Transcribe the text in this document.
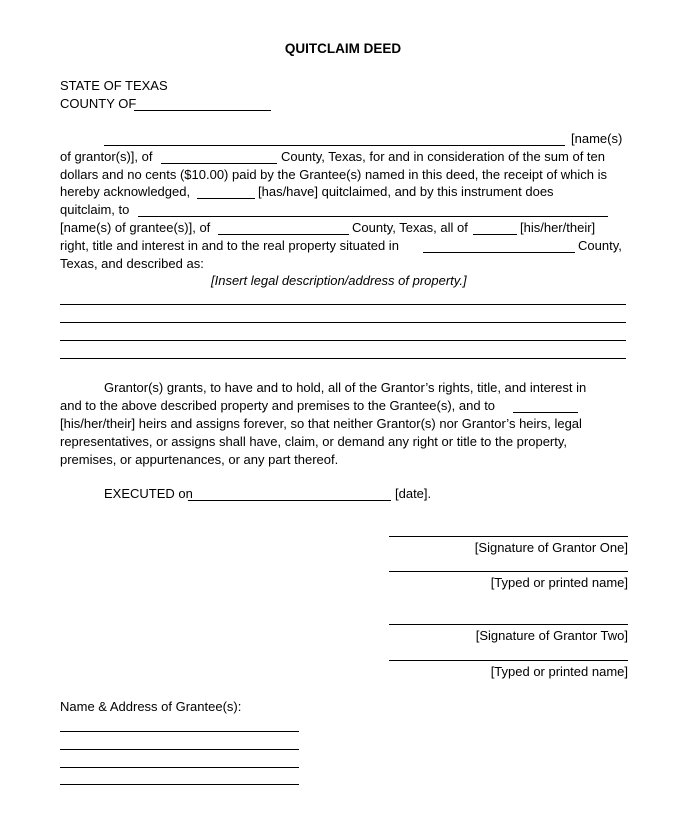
QUITCLAIM DEED
STATE OF TEXAS
COUNTY OF
[name(s)
of grantor(s)], of	County, Texas, for and in consideration of the sum of ten
dollars and no cents ($10.00) paid by the Grantee(s) named in this deed, the receipt of which is
hereby acknowledged,	[has/have] quitclaimed, and by this instrument does
quitclaim, to
[name(s) of grantee(s)], of	County, Texas, all of	[his/her/their]
right, title and interest in and to the real property situated in	County,
Texas, and described as:
[Insert legal description/address of property.]
Grantor(s) grants, to have and to hold, all of the Grantor’s rights, title, and interest in
and to the above described property and premises to the Grantee(s), and to
[his/her/their] heirs and assigns forever, so that neither Grantor(s) nor Grantor’s heirs, legal
representatives, or assigns shall have, claim, or demand any right or title to the property,
premises, or appurtenances, or any part thereof.
EXECUTED on	[date].
[Signature of Grantor One]
[Typed or printed name]
[Signature of Grantor Two]
[Typed or printed name]
Name & Address of Grantee(s):
